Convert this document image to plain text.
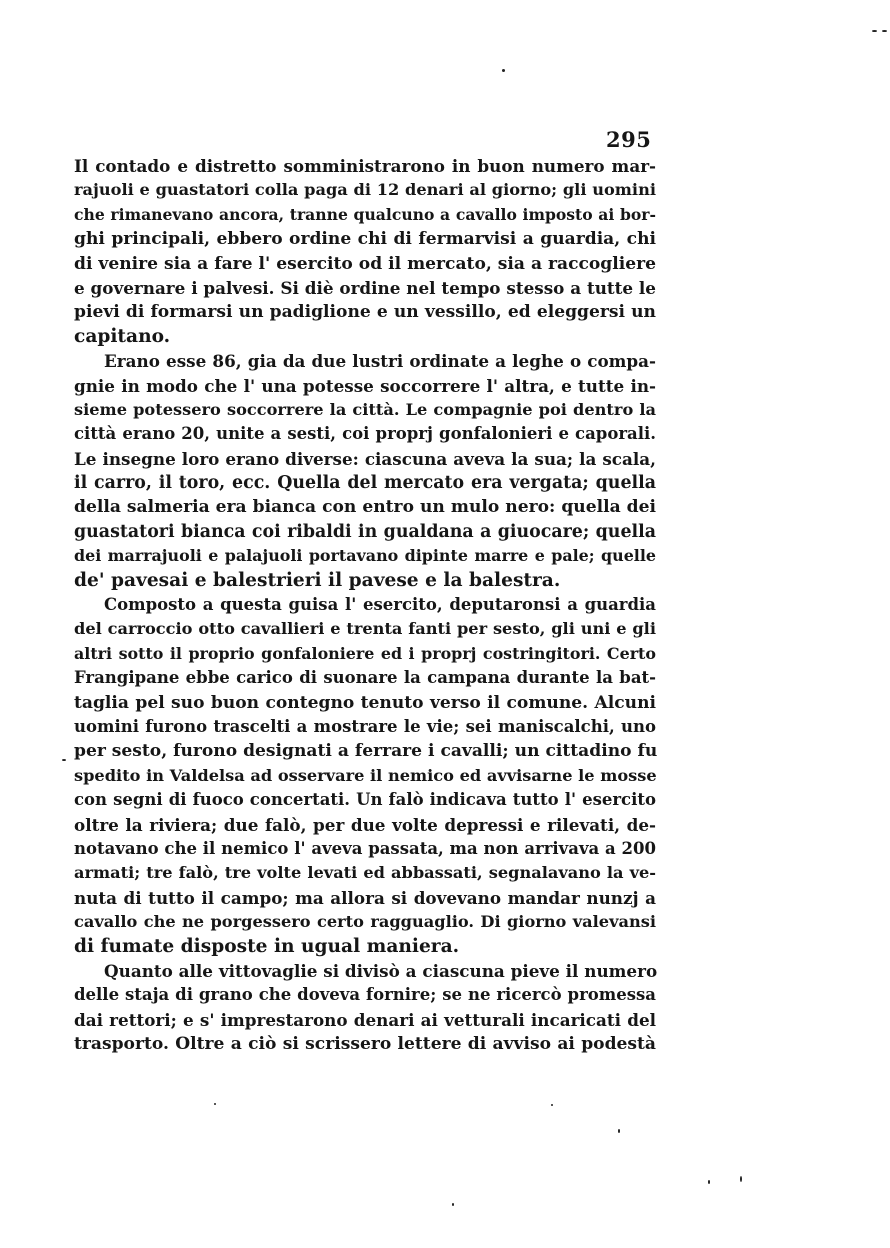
295
Il contado e distretto somministrarono in buon numero mar-
rajuoli e guastatori colla paga di 12 denari al giorno; gli uomini
che rimanevano ancora, tranne qualcuno a cavallo imposto ai bor-
ghi principali, ebbero ordine chi di fermarvisi a guardia, chi
di venire sia a fare l' esercito od il mercato, sia a raccogliere
e governare i palvesi. Si diè ordine nel tempo stesso a tutte le
pievi di formarsi un padiglione e un vessillo, ed eleggersi un
capitano.
Erano esse 86, gia da due lustri ordinate a leghe o compa-
gnie in modo che l' una potesse soccorrere l' altra, e tutte in-
sieme potessero soccorrere la città. Le compagnie poi dentro la
città erano 20, unite a sesti, coi proprj gonfalonieri e caporali.
Le insegne loro erano diverse: ciascuna aveva la sua; la scala,
il carro, il toro, ecc. Quella del mercato era vergata; quella
della salmeria era bianca con entro un mulo nero: quella dei
guastatori bianca coi ribaldi in gualdana a giuocare; quella
dei marrajuoli e palajuoli portavano dipinte marre e pale; quelle
de' pavesai e balestrieri il pavese e la balestra.
Composto a questa guisa l' esercito, deputaronsi a guardia
del carroccio otto cavallieri e trenta fanti per sesto, gli uni e gli
altri sotto il proprio gonfaloniere ed i proprj costringitori. Certo
Frangipane ebbe carico di suonare la campana durante la bat-
taglia pel suo buon contegno tenuto verso il comune. Alcuni
uomini furono trascelti a mostrare le vie; sei maniscalchi, uno
per sesto, furono designati a ferrare i cavalli; un cittadino fu
spedito in Valdelsa ad osservare il nemico ed avvisarne le mosse
con segni di fuoco concertati. Un falò indicava tutto l' esercito
oltre la riviera; due falò, per due volte depressi e rilevati, de-
notavano che il nemico l' aveva passata, ma non arrivava a 200
armati; tre falò, tre volte levati ed abbassati, segnalavano la ve-
nuta di tutto il campo; ma allora si dovevano mandar nunzj a
cavallo che ne porgessero certo ragguaglio. Di giorno valevansi
di fumate disposte in ugual maniera.
Quanto alle vittovaglie si divisò a ciascuna pieve il numero
delle staja di grano che doveva fornire; se ne ricercò promessa
dai rettori; e s' imprestarono denari ai vetturali incaricati del
trasporto. Oltre a ciò si scrissero lettere di avviso ai podestà
